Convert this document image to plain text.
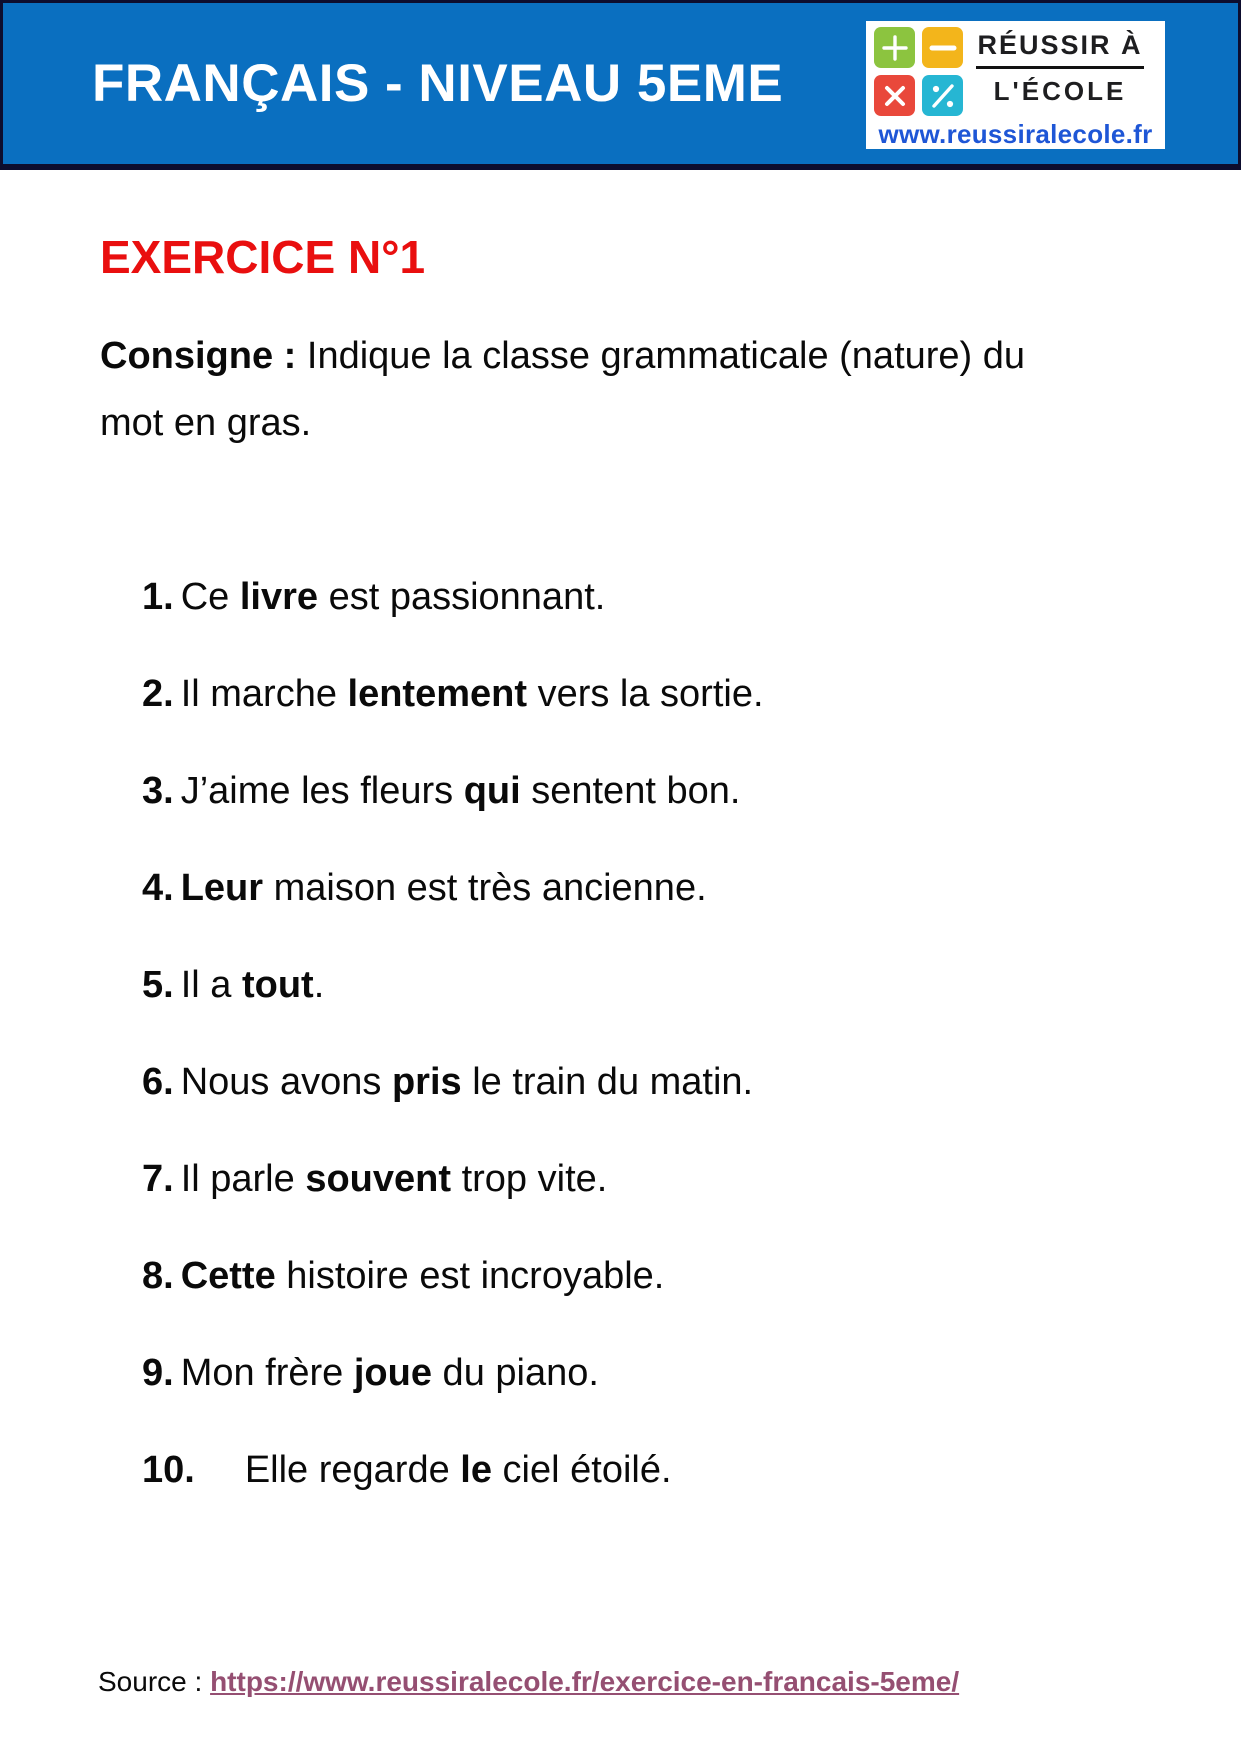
FRANÇAIS - NIVEAU 5EME
RÉUSSIR À
L'ÉCOLE
www.reussiralecole.fr
EXERCICE N°1

Consigne : Indique la classe grammaticale (nature) du mot en gras.

1. Ce livre est passionnant.
2. Il marche lentement vers la sortie.
3. J’aime les fleurs qui sentent bon.
4. Leur maison est très ancienne.
5. Il a tout.
6. Nous avons pris le train du matin.
7. Il parle souvent trop vite.
8. Cette histoire est incroyable.
9. Mon frère joue du piano.
10. Elle regarde le ciel étoilé.
Source : https://www.reussiralecole.fr/exercice-en-francais-5eme/
